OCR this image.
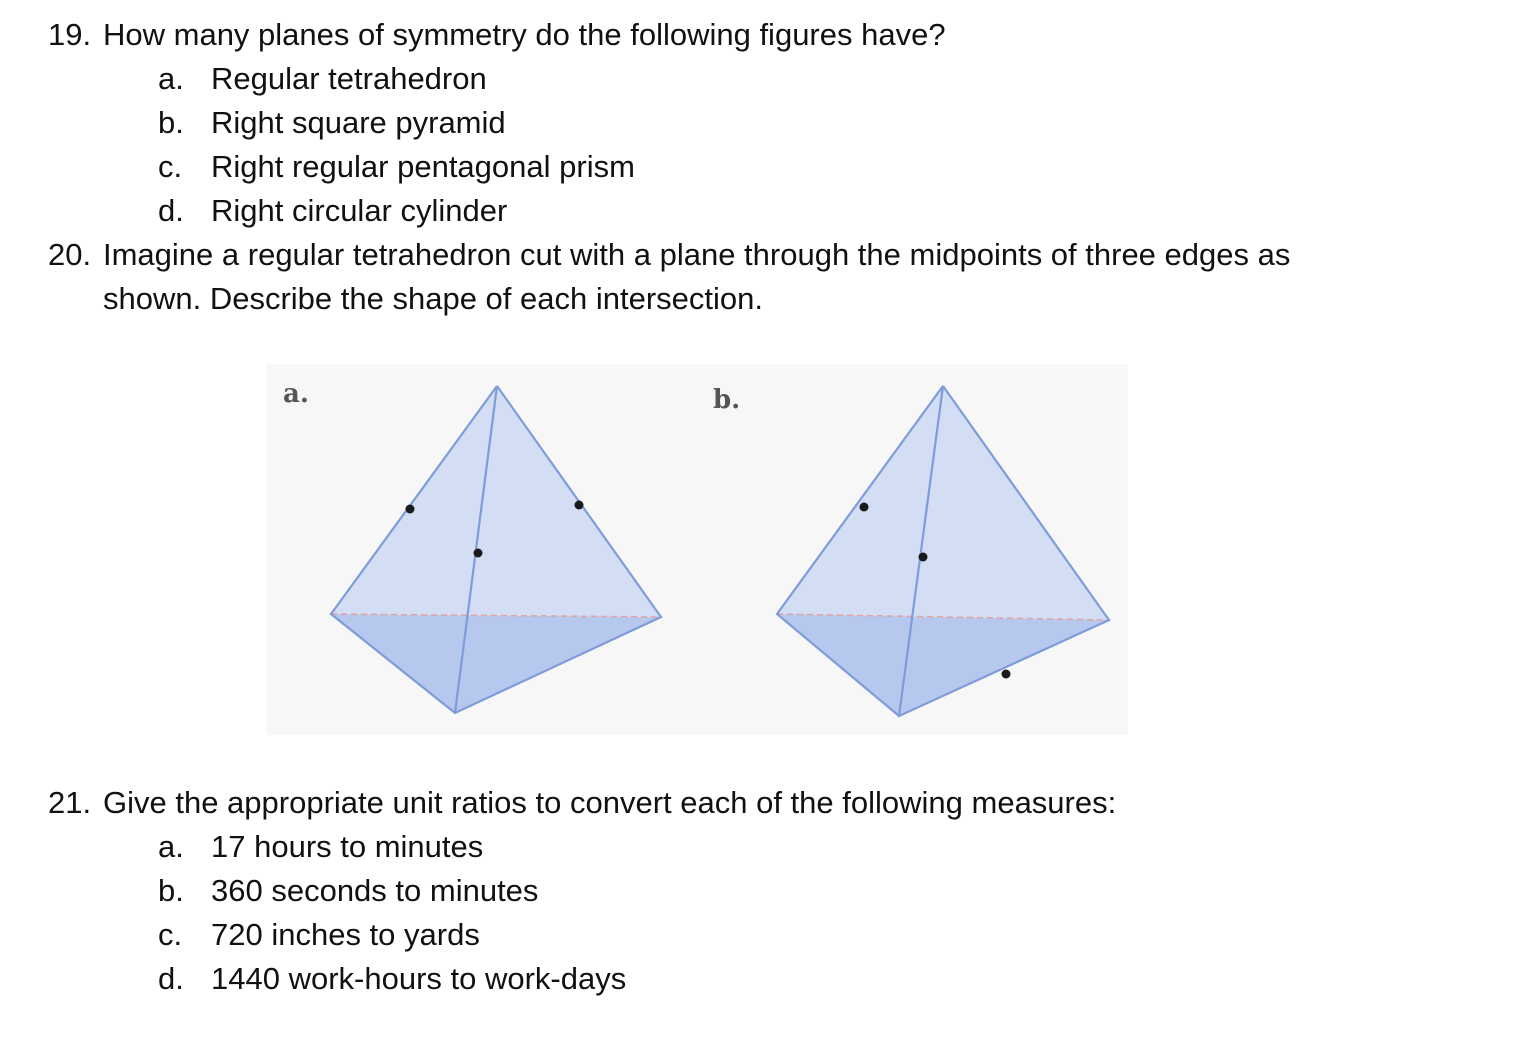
19. How many planes of symmetry do the following figures have?
a. Regular tetrahedron
b. Right square pyramid
c. Right regular pentagonal prism
d. Right circular cylinder
20. Imagine a regular tetrahedron cut with a plane through the midpoints of three edges as
shown. Describe the shape of each intersection.
a.	b.
21. Give the appropriate unit ratios to convert each of the following measures:
a. 17 hours to minutes
b. 360 seconds to minutes
c. 720 inches to yards
d. 1440 work-hours to work-days
